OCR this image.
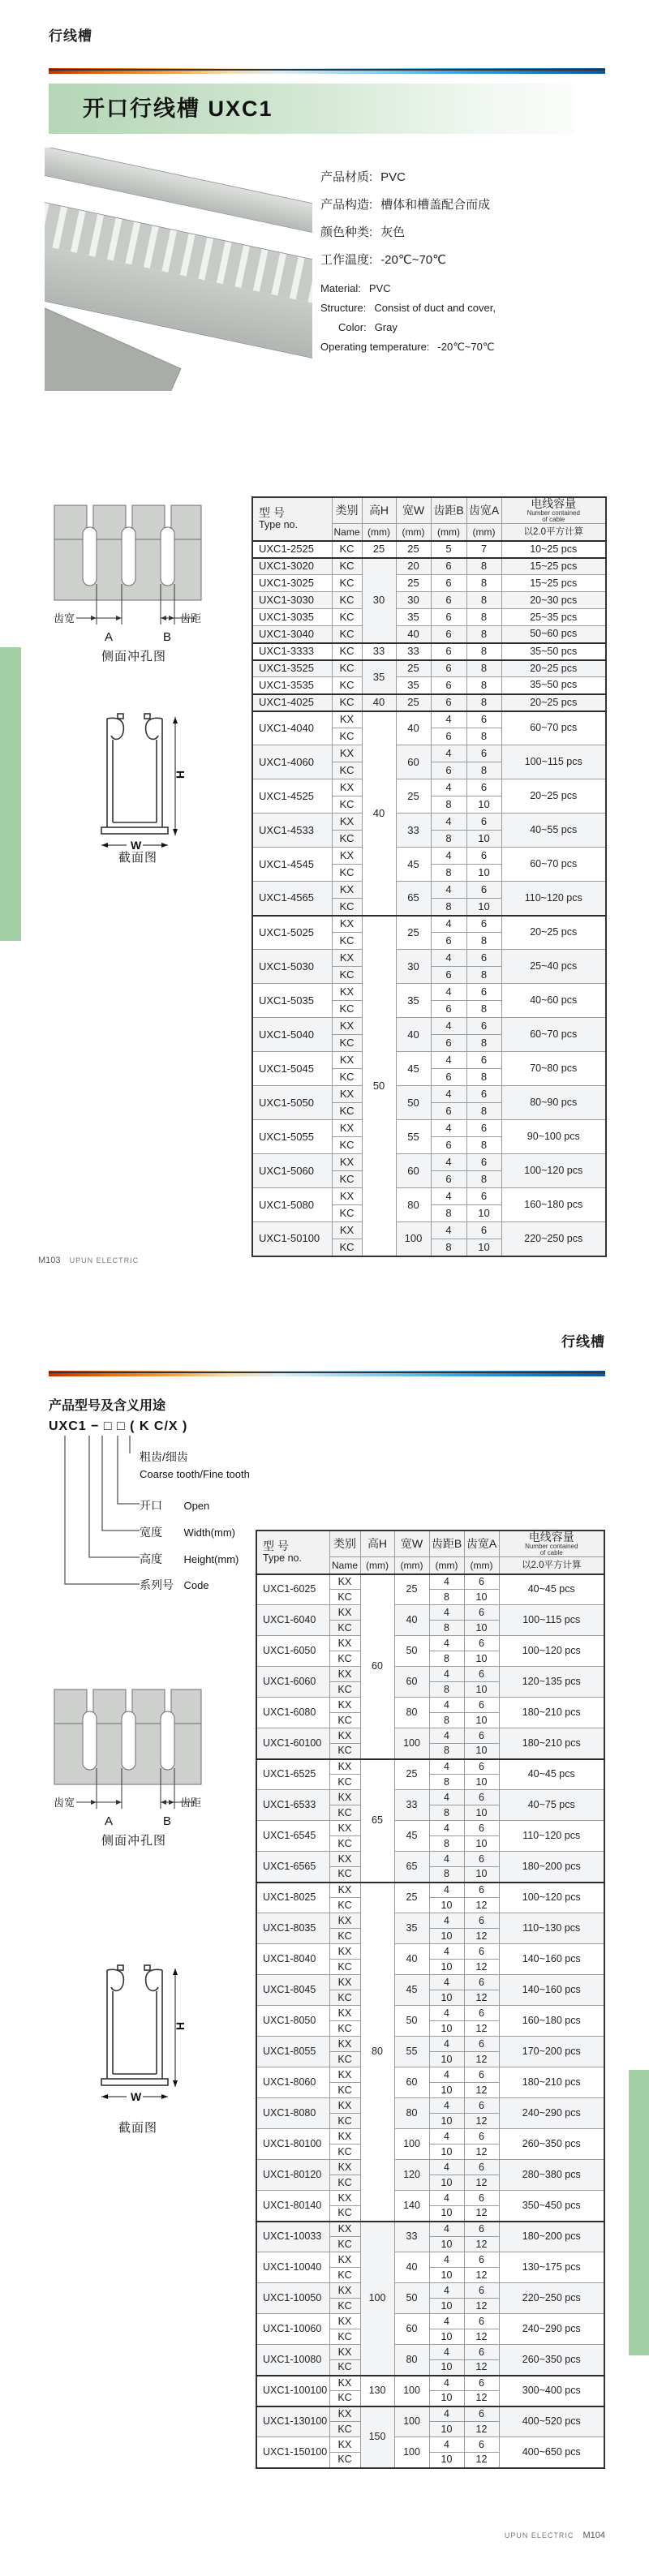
行线槽
开口行线槽 UXC1
产品材质: PVC
产品构造: 槽体和槽盖配合而成
颜色种类: 灰色
工作温度: -20℃~70℃
Material: PVC
Structure: Consist of duct and cover,
Color: Gray
Operating temperature: -20℃~70℃
齿宽	齿距
A	B
侧面冲孔图
H
W
截面图
型 号
Type no.
	类别	高H	宽W	齿距B	齿宽A	电线容量
Number contained
of cable

	Name	(mm)	(mm)	(mm)	(mm)	以2.0平方计算
UXC1-2525	KC	25	25	5	7	10~25 pcs
UXC1-3020	KC	30	20	6	8	15~25 pcs
UXC1-3025	KC		25	6	8	15~25 pcs
UXC1-3030	KC		30	6	8	20~30 pcs
UXC1-3035	KC		35	6	8	25~35 pcs
UXC1-3040	KC		40	6	8	50~60 pcs
UXC1-3333	KC	33	33	6	8	35~50 pcs
UXC1-3525	KC	35	25	6	8	20~25 pcs
UXC1-3535	KC		35	6	8	35~50 pcs
UXC1-4025	KC	40	25	6	8	20~25 pcs
UXC1-4040	KX	40	40	4	6	60~70 pcs
	KC			6	8	
UXC1-4060	KX		60	4	6	100~115 pcs
	KC			6	8	
UXC1-4525	KX		25	4	6	20~25 pcs
	KC			8	10	
UXC1-4533	KX		33	4	6	40~55 pcs
	KC			8	10	
UXC1-4545	KX		45	4	6	60~70 pcs
	KC			8	10	
UXC1-4565	KX		65	4	6	110~120 pcs
	KC			8	10	
UXC1-5025	KX	50	25	4	6	20~25 pcs
	KC			6	8	
UXC1-5030	KX		30	4	6	25~40 pcs
	KC			6	8	
UXC1-5035	KX		35	4	6	40~60 pcs
	KC			6	8	
UXC1-5040	KX		40	4	6	60~70 pcs
	KC			6	8	
UXC1-5045	KX		45	4	6	70~80 pcs
	KC			6	8	
UXC1-5050	KX		50	4	6	80~90 pcs
	KC			6	8	
UXC1-5055	KX		55	4	6	90~100 pcs
	KC			6	8	
UXC1-5060	KX		60	4	6	100~120 pcs
	KC			6	8	
UXC1-5080	KX		80	4	6	160~180 pcs
	KC			8	10	
UXC1-50100	KX		100	4	6	220~250 pcs
	KC			8	10	
M103 UPUN ELECTRIC
行线槽
产品型号及含义用途
UXC1 − □ □ ( K C/X )
粗齿/细齿
Coarse tooth/Fine tooth
开口 Open
宽度 Width(mm)
高度 Height(mm)
系列号 Code
齿宽	齿距
A	B
侧面冲孔图
H
W
截面图
型 号
Type no.
	类别	高H	宽W	齿距B	齿宽A	电线容量
Number contained
of cable

	Name	(mm)	(mm)	(mm)	(mm)	以2.0平方计算
UXC1-6025	KX	60	25	4	6	40~45 pcs
	KC			8	10	
UXC1-6040	KX		40	4	6	100~115 pcs
	KC			8	10	
UXC1-6050	KX		50	4	6	100~120 pcs
	KC			8	10	
UXC1-6060	KX		60	4	6	120~135 pcs
	KC			8	10	
UXC1-6080	KX		80	4	6	180~210 pcs
	KC			8	10	
UXC1-60100	KX		100	4	6	180~210 pcs
	KC			8	10	
UXC1-6525	KX	65	25	4	6	40~45 pcs
	KC			8	10	
UXC1-6533	KX		33	4	6	40~75 pcs
	KC			8	10	
UXC1-6545	KX		45	4	6	110~120 pcs
	KC			8	10	
UXC1-6565	KX		65	4	6	180~200 pcs
	KC			8	10	
UXC1-8025	KX	80	25	4	6	100~120 pcs
	KC			10	12	
UXC1-8035	KX		35	4	6	110~130 pcs
	KC			10	12	
UXC1-8040	KX		40	4	6	140~160 pcs
	KC			10	12	
UXC1-8045	KX		45	4	6	140~160 pcs
	KC			10	12	
UXC1-8050	KX		50	4	6	160~180 pcs
	KC			10	12	
UXC1-8055	KX		55	4	6	170~200 pcs
	KC			10	12	
UXC1-8060	KX		60	4	6	180~210 pcs
	KC			10	12	
UXC1-8080	KX		80	4	6	240~290 pcs
	KC			10	12	
UXC1-80100	KX		100	4	6	260~350 pcs
	KC			10	12	
UXC1-80120	KX		120	4	6	280~380 pcs
	KC			10	12	
UXC1-80140	KX		140	4	6	350~450 pcs
	KC			10	12	
UXC1-10033	KX	100	33	4	6	180~200 pcs
	KC			10	12	
UXC1-10040	KX		40	4	6	130~175 pcs
	KC			10	12	
UXC1-10050	KX		50	4	6	220~250 pcs
	KC			10	12	
UXC1-10060	KX		60	4	6	240~290 pcs
	KC			10	12	
UXC1-10080	KX		80	4	6	260~350 pcs
	KC			10	12	
UXC1-100100	KX	130	100	4	6	300~400 pcs
	KC			10	12	
UXC1-130100	KX	150	100	4	6	400~520 pcs
	KC			10	12	
UXC1-150100	KX		100	4	6	400~650 pcs
	KC			10	12	
UPUN ELECTRIC M104
